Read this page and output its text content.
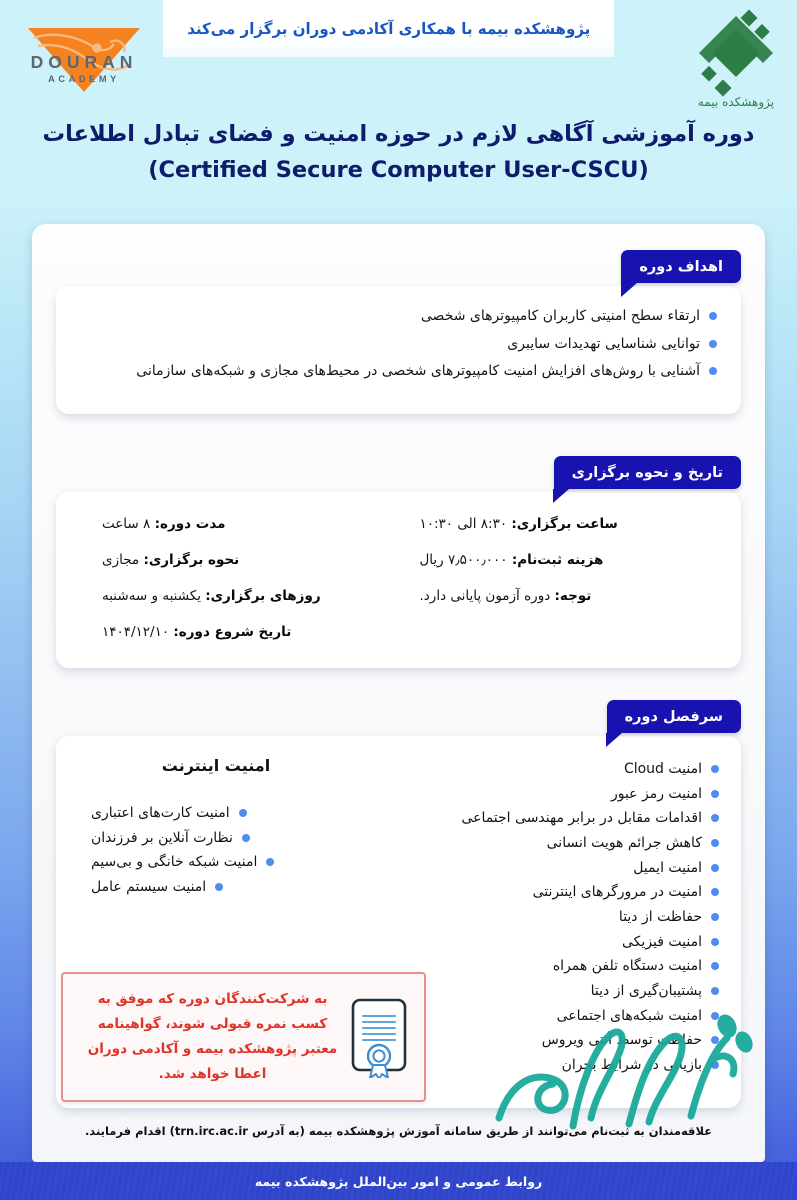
DOURAN
ACADEMY
پژوهشکده بیمه با همکاری آکادمی دوران برگزار می‌کند
پژوهشکده بیمه
دوره آموزشی آگاهی لازم در حوزه امنیت و فضای تبادل اطلاعات
(Certified Secure Computer User-CSCU)
اهداف دوره
ارتقاء سطح امنیتی کاربران کامپیوترهای شخصی
توانایی شناسایی تهدیدات سایبری
آشنایی با روش‌های افزایش امنیت کامپیوترهای شخصی در محیط‌های مجازی و شبکه‌های سازمانی
تاریخ و نحوه برگزاری
ساعت برگزاری: ۸:۳۰ الی ۱۰:۳۰
هزینه ثبت‌نام: ۷٫۵۰۰٫۰۰۰ ریال
توجه: دوره آزمون پایانی دارد.
مدت دوره: ۸ ساعت
نحوه برگزاری: مجازی
روزهای برگزاری: یکشنبه و سه‌شنبه
تاریخ شروع دوره: ۱۴۰۴/۱۲/۱۰
سرفصل دوره
امنیت Cloud
امنیت رمز عبور
اقدامات مقابل در برابر مهندسی اجتماعی
کاهش جرائم هویت انسانی
امنیت ایمیل
امنیت در مرورگرهای اینترنتی
حفاظت از دیتا
امنیت فیزیکی
امنیت دستگاه تلفن همراه
پشتیبان‌گیری از دیتا
امنیت شبکه‌های اجتماعی
حفاظت توسط آنتی ویروس
بازیابی در شرایط بحران
امنیت اینترنت
امنیت کارت‌های اعتباری
نظارت آنلاین بر فرزندان
امنیت شبکه خانگی و بی‌سیم
امنیت سیستم عامل
به شرکت‌کنندگان دوره که موفق به کسب نمره قبولی شوند، گواهینامه معتبر پژوهشکده بیمه و آکادمی دوران اعطا خواهد شد.
علاقه‌مندان به ثبت‌نام می‌توانند از طریق سامانه آموزش پژوهشکده بیمه (به آدرس trn.irc.ac.ir) اقدام فرمایند.
روابط عمومی و امور بین‌الملل پژوهشکده بیمه
